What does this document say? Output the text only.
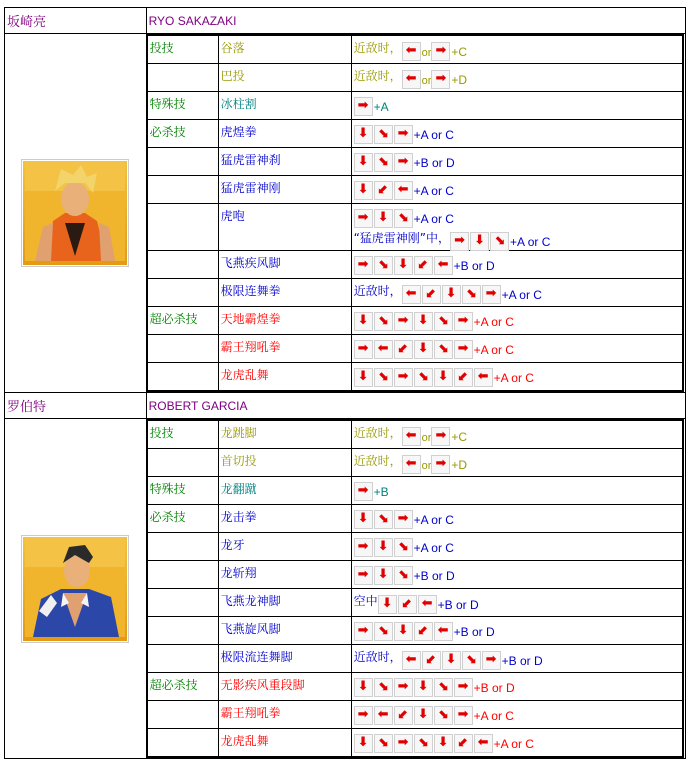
坂崎亮	RYO SAKAZAKI

投技	谷落	近敌时， ⬅ or ➡ +C
	巴投	近敌时， ⬅ or ➡ +D
特殊技	冰柱割	➡ +A
必杀技	虎煌拳	⬇ ⬊ ➡ +A or C
	猛虎雷神刹	⬇ ⬊ ➡ +B or D
	猛虎雷神刚	⬇ ⬋ ⬅ +A or C
	虎咆	➡ ⬇ ⬊ +A or C
“猛虎雷神刚”中， ➡ ⬇ ⬊ +A or C

	飞燕疾风脚	➡ ⬊ ⬇ ⬋ ⬅ +B or D
	极限连舞拳	近敌时， ⬅ ⬋ ⬇ ⬊ ➡ +A or C
超必杀技	天地霸煌拳	⬇ ⬊ ➡ ⬇ ⬊ ➡ +A or C
	霸王翔吼拳	➡ ⬅ ⬋ ⬇ ⬊ ➡ +A or C
	龙虎乱舞	⬇ ⬊ ➡ ⬊ ⬇ ⬋ ⬅ +A or C

罗伯特	ROBERT GARCIA

投技	龙跳脚	近敌时， ⬅ or ➡ +C
	首切投	近敌时， ⬅ or ➡ +D
特殊技	龙翻蹴	➡ +B
必杀技	龙击拳	⬇ ⬊ ➡ +A or C
	龙牙	➡ ⬇ ⬊ +A or C
	龙斩翔	➡ ⬇ ⬊ +B or D
	飞燕龙神脚	空中 ⬇ ⬋ ⬅ +B or D
	飞燕旋风脚	➡ ⬊ ⬇ ⬋ ⬅ +B or D
	极限流连舞脚	近敌时， ⬅ ⬋ ⬇ ⬊ ➡ +B or D
超必杀技	无影疾风重段脚	⬇ ⬊ ➡ ⬇ ⬊ ➡ +B or D
	霸王翔吼拳	➡ ⬅ ⬋ ⬇ ⬊ ➡ +A or C
	龙虎乱舞	⬇ ⬊ ➡ ⬊ ⬇ ⬋ ⬅ +A or C
